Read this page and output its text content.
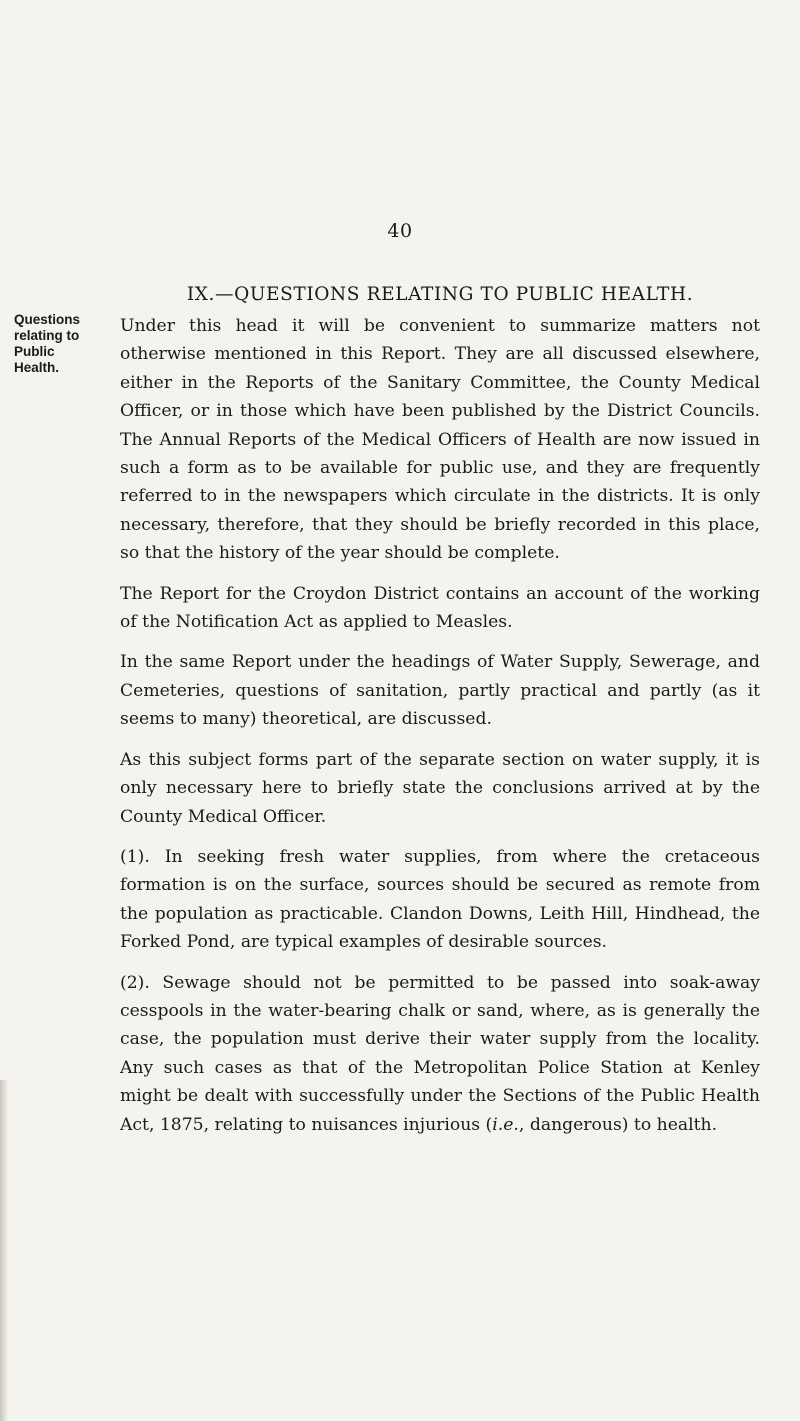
40
Questions relating to Public Health.
IX.—QUESTIONS RELATING TO PUBLIC HEALTH.

Under this head it will be convenient to summarize matters not otherwise mentioned in this Report. They are all discussed elsewhere, either in the Reports of the Sanitary Committee, the County Medical Officer, or in those which have been published by the District Councils. The Annual Reports of the Medical Officers of Health are now issued in such a form as to be available for public use, and they are frequently referred to in the newspapers which circulate in the districts. It is only necessary, therefore, that they should be briefly recorded in this place, so that the history of the year should be complete.

The Report for the Croydon District contains an account of the working of the Notification Act as applied to Measles.

In the same Report under the headings of Water Supply, Sewerage, and Cemeteries, questions of sanitation, partly practical and partly (as it seems to many) theoretical, are discussed.

As this subject forms part of the separate section on water supply, it is only necessary here to briefly state the conclusions arrived at by the County Medical Officer.

(1). In seeking fresh water supplies, from where the cretaceous formation is on the surface, sources should be secured as remote from the population as practicable. Clandon Downs, Leith Hill, Hindhead, the Forked Pond, are typical examples of desirable sources.

(2). Sewage should not be permitted to be passed into soak-away cesspools in the water-bearing chalk or sand, where, as is generally the case, the population must derive their water supply from the locality. Any such cases as that of the Metropolitan Police Station at Kenley might be dealt with successfully under the Sections of the Public Health Act, 1875, relating to nuisances injurious (i.e., dangerous) to health.
